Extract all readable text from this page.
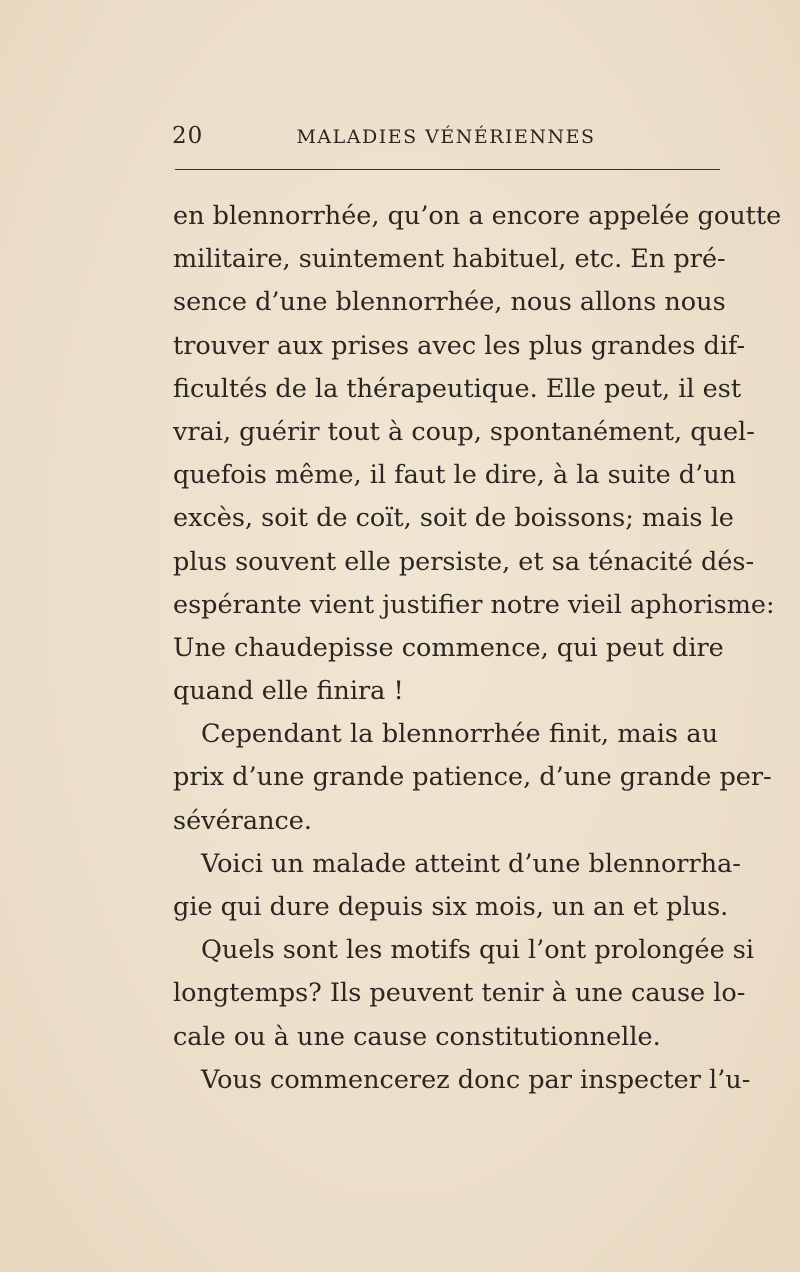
20	MALADIES VÉNÉRIENNES
en blennorrhée, qu’on a encore appelée goutte
militaire, suintement habituel, etc. En pré-
sence d’une blennorrhée, nous allons nous
trouver aux prises avec les plus grandes dif-
ficultés de la thérapeutique. Elle peut, il est
vrai, guérir tout à coup, spontanément, quel-
quefois même, il faut le dire, à la suite d’un
excès, soit de coït, soit de boissons; mais le
plus souvent elle persiste, et sa ténacité dés-
espérante vient justifier notre vieil aphorisme:
Une chaudepisse commence, qui peut dire
quand elle finira !
Cependant la blennorrhée finit, mais au
prix d’une grande patience, d’une grande per-
sévérance.
Voici un malade atteint d’une blennorrha-
gie qui dure depuis six mois, un an et plus.
Quels sont les motifs qui l’ont prolongée si
longtemps? Ils peuvent tenir à une cause lo-
cale ou à une cause constitutionnelle.
Vous commencerez donc par inspecter l’u-
